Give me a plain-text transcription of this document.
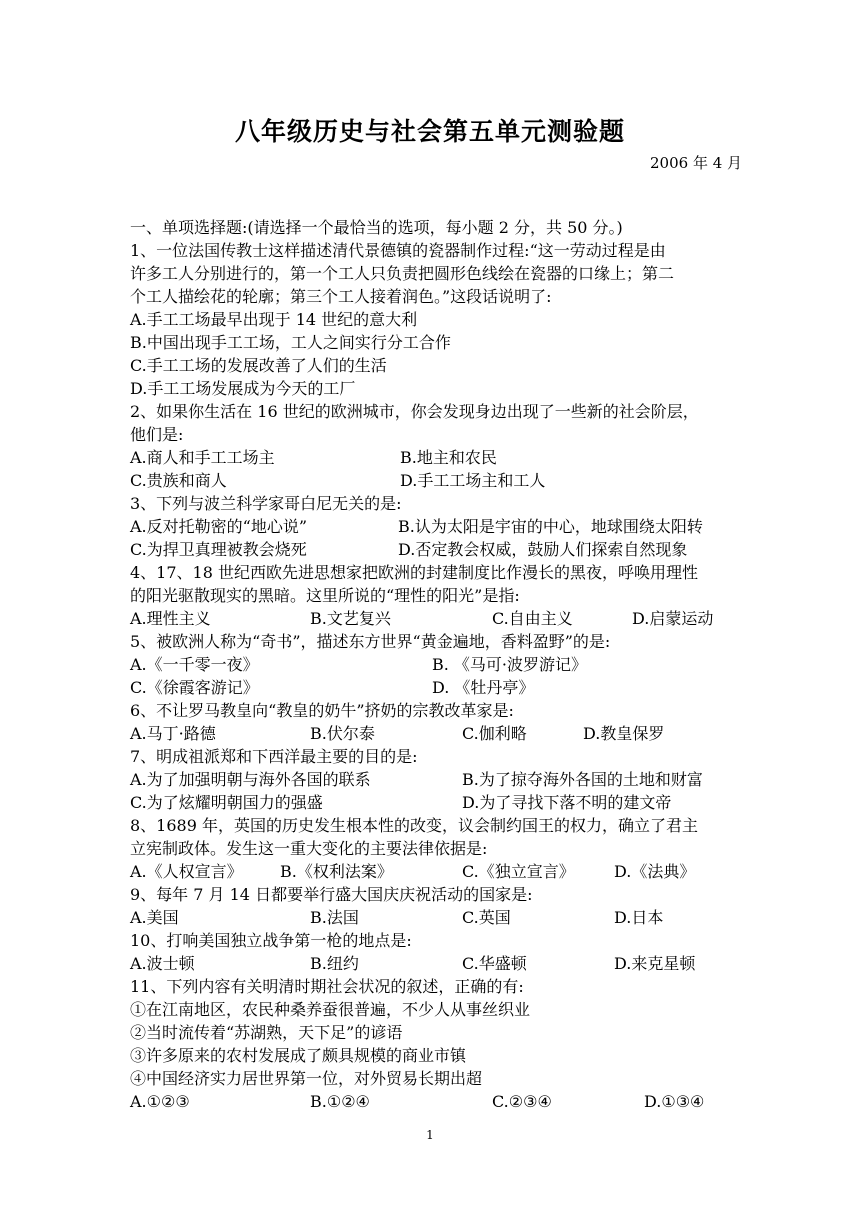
八年级历史与社会第五单元测验题
2006 年 4 月
一、单项选择题:(请选择一个最恰当的选项，每小题 2 分，共 50 分。)
1、一位法国传教士这样描述清代景德镇的瓷器制作过程:“这一劳动过程是由
许多工人分别进行的，第一个工人只负责把圆形色线绘在瓷器的口缘上；第二
个工人描绘花的轮廓；第三个工人接着润色。”这段话说明了:
A.手工工场最早出现于 14 世纪的意大利
B.中国出现手工工场，工人之间实行分工合作
C.手工工场的发展改善了人们的生活
D.手工工场发展成为今天的工厂
2、如果你生活在 16 世纪的欧洲城市，你会发现身边出现了一些新的社会阶层，
他们是:
A.商人和手工工场主	B.地主和农民
C.贵族和商人	D.手工工场主和工人
3、下列与波兰科学家哥白尼无关的是:
A.反对托勒密的“地心说”	B.认为太阳是宇宙的中心，地球围绕太阳转
C.为捍卫真理被教会烧死	D.否定教会权威，鼓励人们探索自然现象
4、17、18 世纪西欧先进思想家把欧洲的封建制度比作漫长的黑夜，呼唤用理性
的阳光驱散现实的黑暗。这里所说的“理性的阳光”是指:
A.理性主义	B.文艺复兴	C.自由主义	D.启蒙运动
5、被欧洲人称为“奇书”，描述东方世界“黄金遍地，香料盈野”的是:
A.《一千零一夜》	B. 《马可·波罗游记》
C.《徐霞客游记》	D. 《牡丹亭》
6、不让罗马教皇向“教皇的奶牛”挤奶的宗教改革家是:
A.马丁·路德	B.伏尔泰	C.伽利略	D.教皇保罗
7、明成祖派郑和下西洋最主要的目的是:
A.为了加强明朝与海外各国的联系	B.为了掠夺海外各国的土地和财富
C.为了炫耀明朝国力的强盛	D.为了寻找下落不明的建文帝
8、1689 年，英国的历史发生根本性的改变，议会制约国王的权力，确立了君主
立宪制政体。发生这一重大变化的主要法律依据是:
A.《人权宣言》	B.《权利法案》	C.《独立宣言》	D.《法典》
9、每年 7 月 14 日都要举行盛大国庆庆祝活动的国家是:
A.美国	B.法国	C.英国	D.日本
10、打响美国独立战争第一枪的地点是:
A.波士顿	B.纽约	C.华盛顿	D.来克星顿
11、下列内容有关明清时期社会状况的叙述，正确的有:
①在江南地区，农民种桑养蚕很普遍，不少人从事丝织业
②当时流传着“苏湖熟，天下足”的谚语
③许多原来的农村发展成了颇具规模的商业市镇
④中国经济实力居世界第一位，对外贸易长期出超
A.①②③	B.①②④	C.②③④	D.①③④
1
